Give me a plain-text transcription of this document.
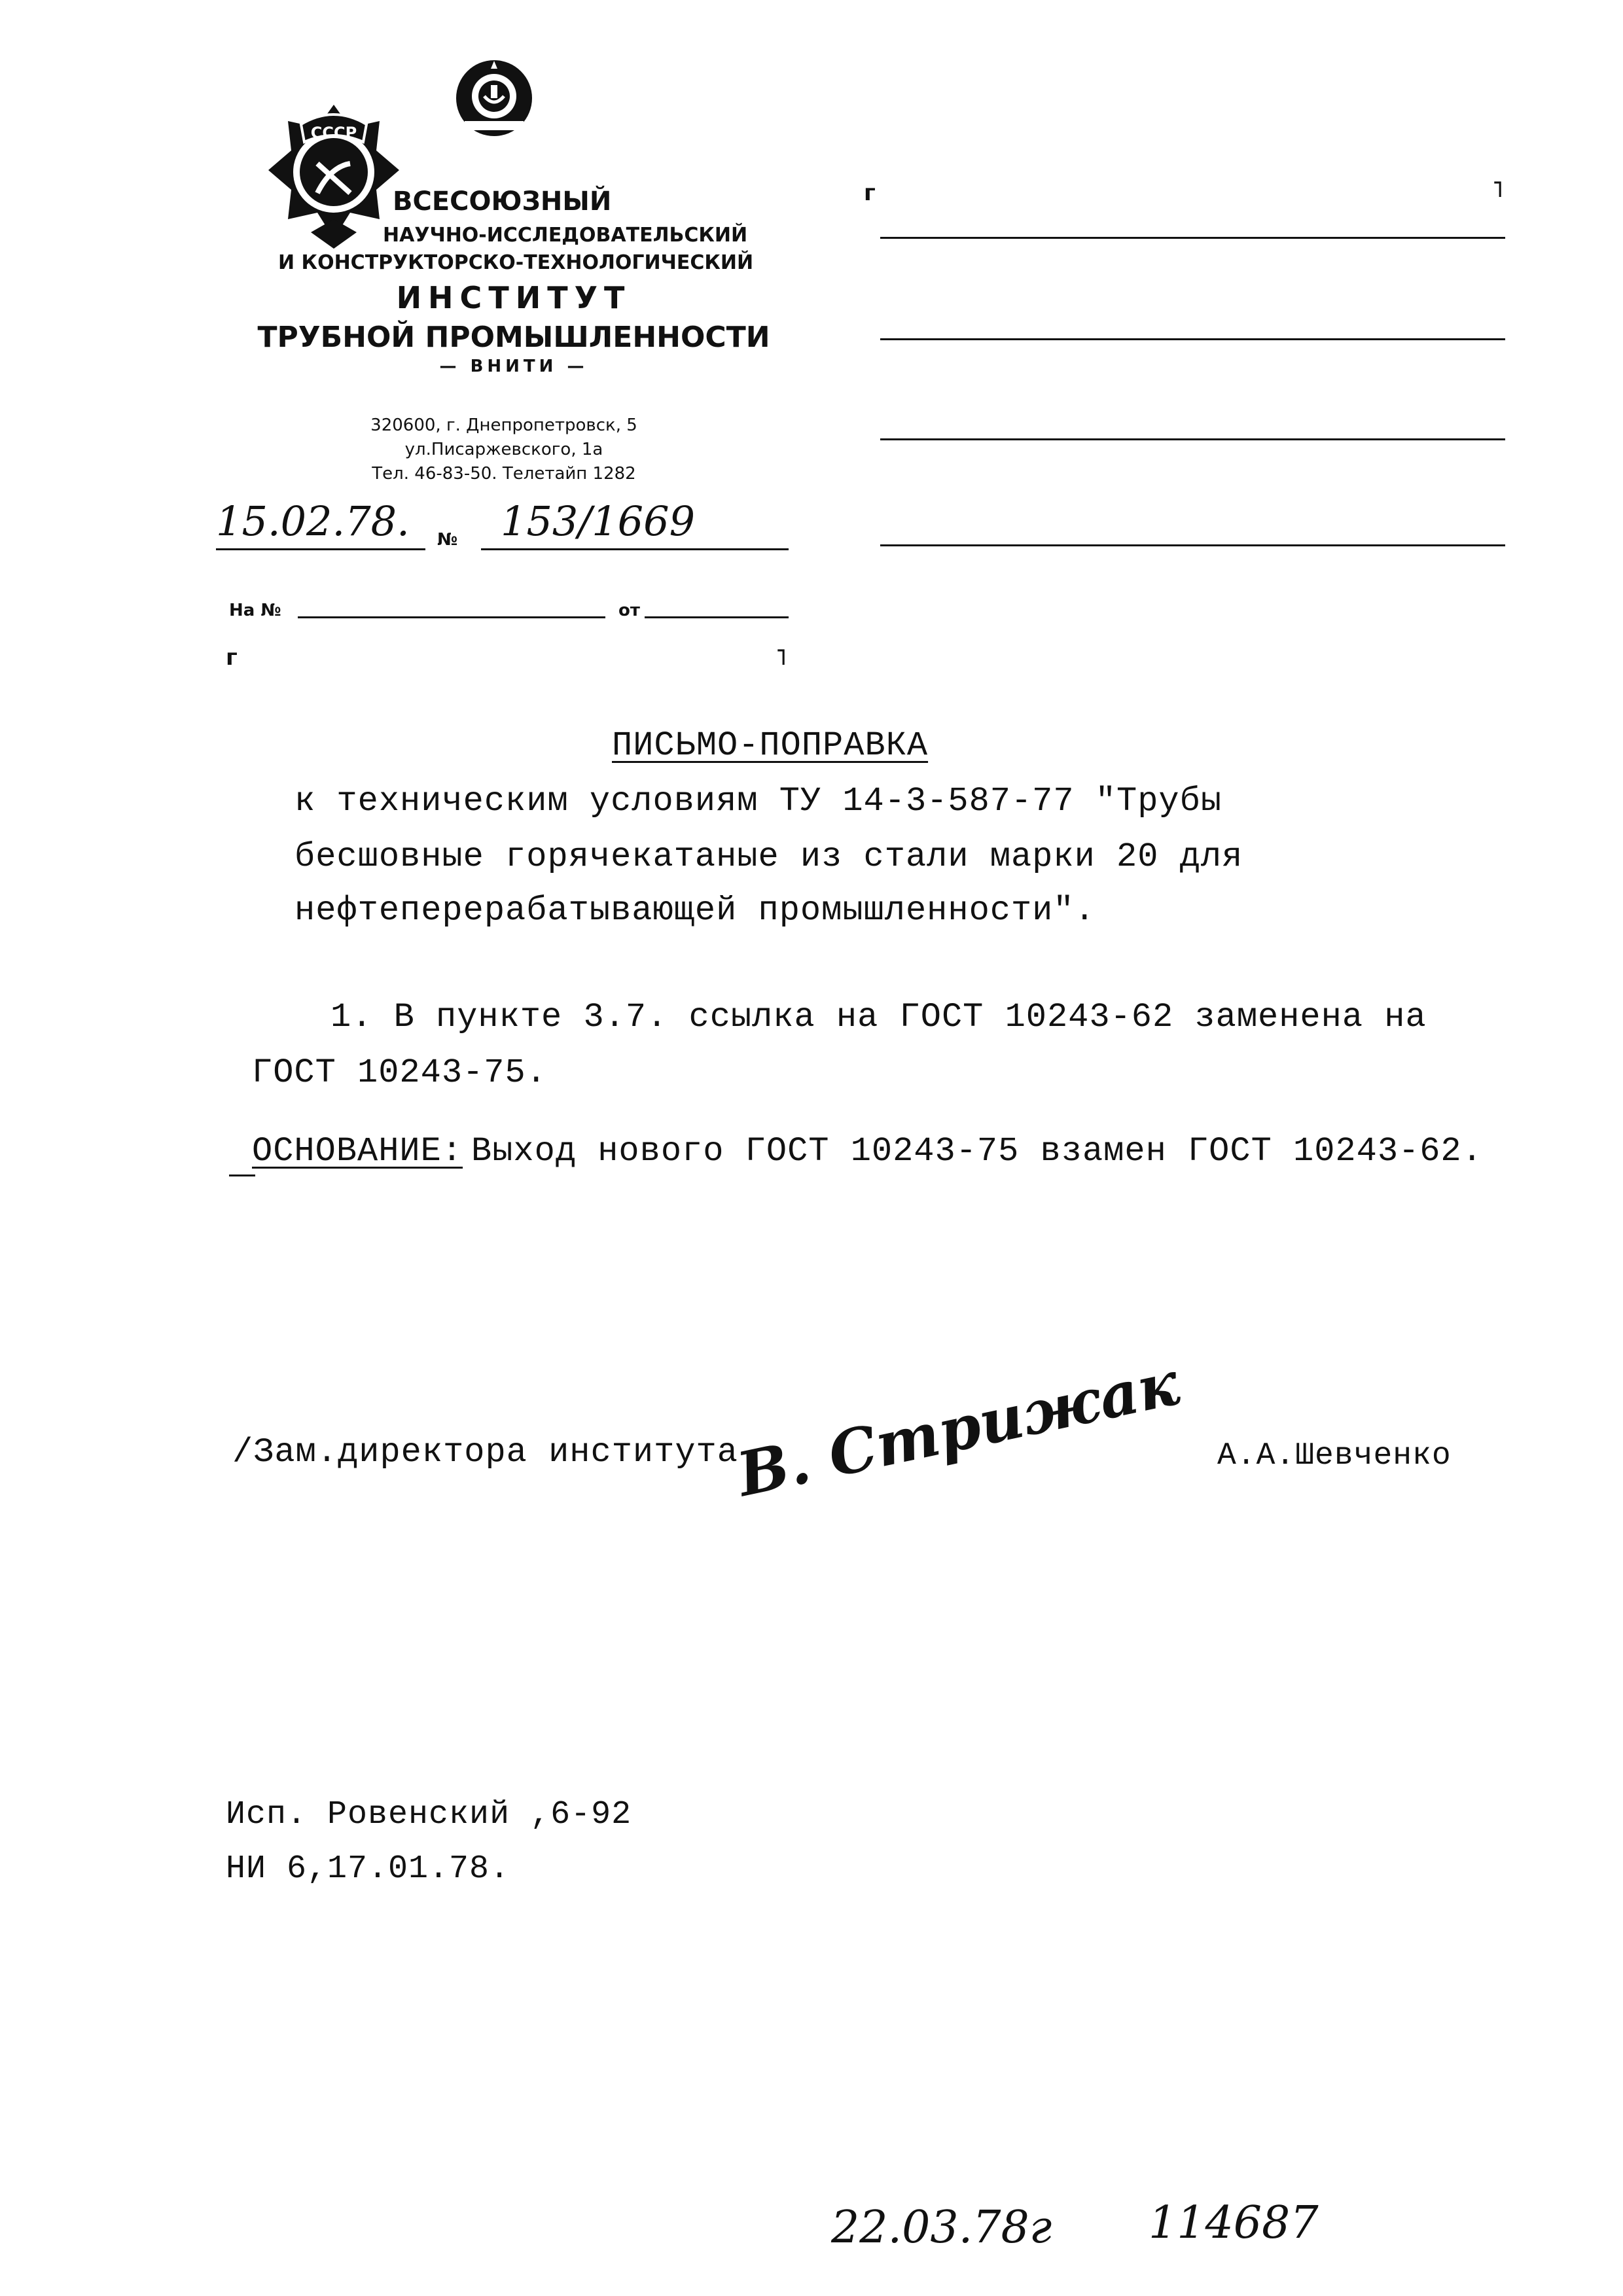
СССР
ВСЕСОЮЗНЫЙ
НАУЧНО-ИССЛЕДОВАТЕЛЬСКИЙ
И КОНСТРУКТОРСКО-ТЕХНОЛОГИЧЕСКИЙ
ИНСТИТУТ
ТРУБНОЙ ПРОМЫШЛЕННОСТИ
— ВНИТИ —
320600, г. Днепропетровск, 5
ул.Писаржевского, 1а
Тел. 46-83-50. Телетайп 1282
15.02.78. № 153/1669
На №	от
г	˥
г	˥
ПИСЬМО-ПОПРАВКА
к техническим условиям ТУ 14-3-587-77 "Трубы
бесшовные горячекатаные из стали марки 20 для
нефтеперерабатывающей промышленности".
1. В пункте 3.7. ссылка на ГОСТ 10243-62 заменена на
ГОСТ 10243-75.
ОСНОВАНИЕ: Выход нового ГОСТ 10243-75 взамен ГОСТ 10243-62.
/Зам.директора института
В. Стрижак А.А.Шевченко
Исп. Ровенский ,6-92
НИ 6,17.01.78.
22.03.78г 114687
